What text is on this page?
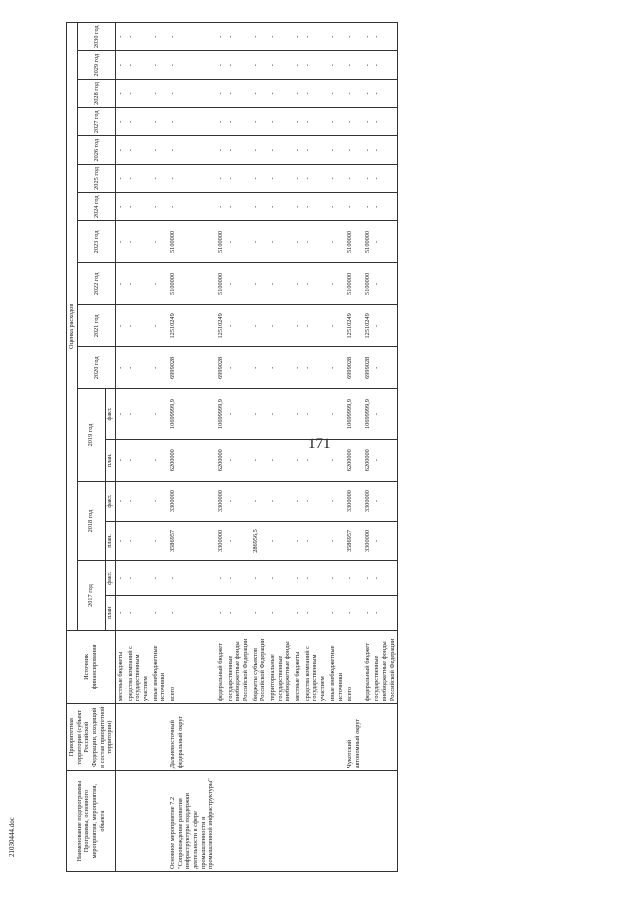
171
21030444.doc	Наименование подпрограммы Программы, основного мероприятия, мероприятия, объекта	Приоритетная территория (субъект Российской Федерации, входящий в состав приоритетной территории)	Источник финансирования	Оценка расходов																
			2017 год		2018 год		2019 год		2020 год	2021 год	2022 год	2023 год	2024 год	2025 год	2026 год	2027 год	2028 год	2029 год	2030 год
			план	факт.	план.	факт.	план.	факт.											
		местные бюджеты	-	-	-	-	-	-	-	-	-	-	-	-	-	-	-	-	-
		средства компаний с государственным участием	-	-	-	-	-	-	-	-	-	-	-	-	-	-	-	-	-
		иные внебюджетные источники	-	-	-	-	-	-	-	-	-	-	-	-	-	-	-	-	-
Основное мероприятие 7.2 "Сопровождение развития инфраструктуры поддержки деятельности в сфере промышленности и промышленной инфраструктуры"	Дальневосточный федеральный округ	всего	-	-	3586957	3300000	6200000	10699999,9	6999028	12510249	5100000	5100000	-	-	-	-	-	-	-
		федеральный бюджет	-	-	3300000	3300000	6200000	10699999,9	6999028	12510249	5100000	5100000	-	-	-	-	-	-	-
		государственные внебюджетные фонды Российской Федерации	-	-	-	-	-	-	-	-	-	-	-	-	-	-	-	-	-
		бюджеты субъектов Российской Федерации	-	-	286956,5	-	-	-	-	-	-	-	-	-	-	-	-	-	-
		территориальные государственные внебюджетные фонды	-	-	-	-	-	-	-	-	-	-	-	-	-	-	-	-	-
		местные бюджеты	-	-	-	-	-	-	-	-	-	-	-	-	-	-	-	-	-
		средства компаний с государственным участием	-	-	-	-	-	-	-	-	-	-	-	-	-	-	-	-	-
		иные внебюджетные источники	-	-	-	-	-	-	-	-	-	-	-	-	-	-	-	-	-
	Чукотский автономный округ	всего	-	-	3586957	3300000	6200000	10699999,9	6999028	12510249	5100000	5100000	-	-	-	-	-	-	-
		федеральный бюджет	-	-	3300000	3300000	6200000	10699999,9	6999028	12510249	5100000	5100000	-	-	-	-	-	-	-
		государственные внебюджетные фонды Российской Федерации	-	-	-	-	-	-	-	-	-	-	-	-	-	-	-	-	-
